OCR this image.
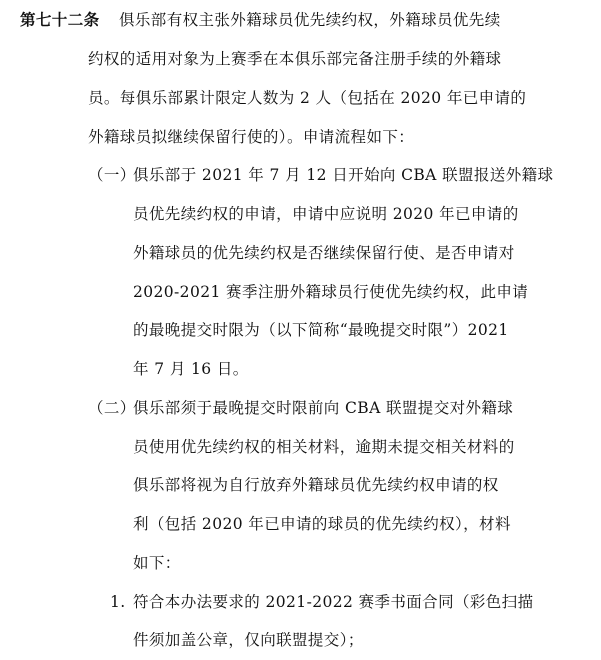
第七十二条 俱乐部有权主张外籍球员优先续约权，外籍球员优先续
约权的适用对象为上赛季在本俱乐部完备注册手续的外籍球
员。每俱乐部累计限定人数为 2 人（包括在 2020 年已申请的
外籍球员拟继续保留行使的）。申请流程如下：
（一）
俱乐部于 2021 年 7 月 12 日开始向 CBA 联盟报送外籍球
员优先续约权的申请，申请中应说明 2020 年已申请的
外籍球员的优先续约权是否继续保留行使、是否申请对
2020-2021 赛季注册外籍球员行使优先续约权，此申请
的最晚提交时限为（以下简称“最晚提交时限”）2021
年 7 月 16 日。
（二）
俱乐部须于最晚提交时限前向 CBA 联盟提交对外籍球
员使用优先续约权的相关材料，逾期未提交相关材料的
俱乐部将视为自行放弃外籍球员优先续约权申请的权
利（包括 2020 年已申请的球员的优先续约权），材料
如下：
1. 符合本办法要求的 2021-2022 赛季书面合同（彩色扫描
件须加盖公章，仅向联盟提交）；
